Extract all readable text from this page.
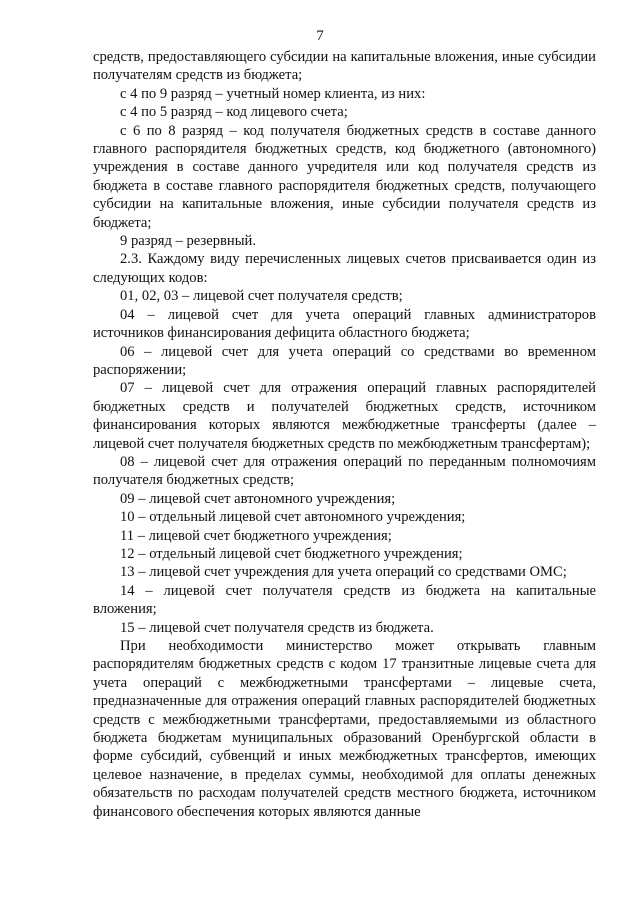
7

средств, предоставляющего субсидии на капитальные вложения, иные субсидии получателям средств из бюджета;

с 4 по 9 разряд – учетный номер клиента, из них:

с 4 по 5 разряд – код лицевого счета;

с 6 по 8 разряд – код получателя бюджетных средств в составе данного главного распорядителя бюджетных средств, код бюджетного (автономного) учреждения в составе данного учредителя или код получателя средств из бюджета в составе главного распорядителя бюджетных средств, получающего субсидии на капитальные вложения, иные субсидии получателя средств из бюджета;

9 разряд – резервный.

2.3. Каждому виду перечисленных лицевых счетов присваивается один из следующих кодов:

01, 02, 03 – лицевой счет получателя средств;

04 – лицевой счет для учета операций главных администраторов источников финансирования дефицита областного бюджета;

06 – лицевой счет для учета операций со средствами во временном распоряжении;

07 – лицевой счет для отражения операций главных распорядителей бюджетных средств и получателей бюджетных средств, источником финансирования которых являются межбюджетные трансферты (далее – лицевой счет получателя бюджетных средств по межбюджетным трансфертам);

08 – лицевой счет для отражения операций по переданным полномочиям получателя бюджетных средств;

09 – лицевой счет автономного учреждения;

10 – отдельный лицевой счет автономного учреждения;

11 – лицевой счет бюджетного учреждения;

12 – отдельный лицевой счет бюджетного учреждения;

13 – лицевой счет учреждения для учета операций со средствами ОМС;

14 – лицевой счет получателя средств из бюджета на капитальные вложения;

15 – лицевой счет получателя средств из бюджета.

При необходимости министерство может открывать главным распорядителям бюджетных средств с кодом 17 транзитные лицевые счета для учета операций с межбюджетными трансфертами – лицевые счета, предназначенные для отражения операций главных распорядителей бюджетных средств с межбюджетными трансфертами, предоставляемыми из областного бюджета бюджетам муниципальных образований Оренбургской области в форме субсидий, субвенций и иных межбюджетных трансфертов, имеющих целевое назначение, в пределах суммы, необходимой для оплаты денежных обязательств по расходам получателей средств местного бюджета, источником финансового обеспечения которых являются данные
